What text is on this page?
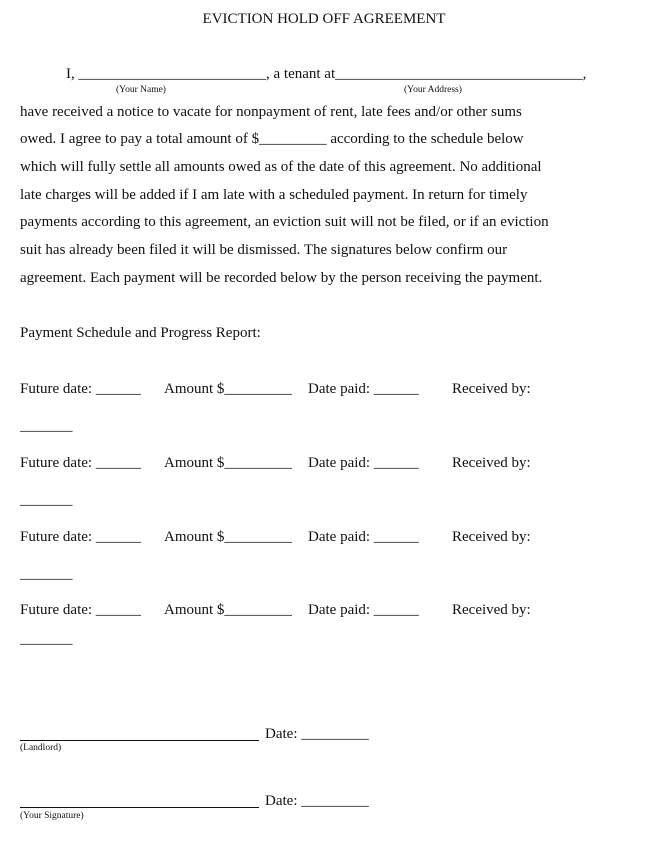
EVICTION HOLD OFF AGREEMENT
I, _________________________, a tenant at_________________________________,
(Your Name)	(Your Address)
have received a notice to vacate for nonpayment of rent, late fees and/or other sums
owed. I agree to pay a total amount of $_________ according to the schedule below
which will fully settle all amounts owed as of the date of this agreement. No additional
late charges will be added if I am late with a scheduled payment. In return for timely
payments according to this agreement, an eviction suit will not be filed, or if an eviction
suit has already been filed it will be dismissed. The signatures below confirm our
agreement. Each payment will be recorded below by the person receiving the payment.
Payment Schedule and Progress Report:
Future date: ______ Amount $_________ Date paid: ______ Received by:
_______
Future date: ______ Amount $_________ Date paid: ______ Received by:
_______
Future date: ______ Amount $_________ Date paid: ______ Received by:
_______
Future date: ______ Amount $_________ Date paid: ______ Received by:
_______
Date: _________
(Landlord)
Date: _________
(Your Signature)
